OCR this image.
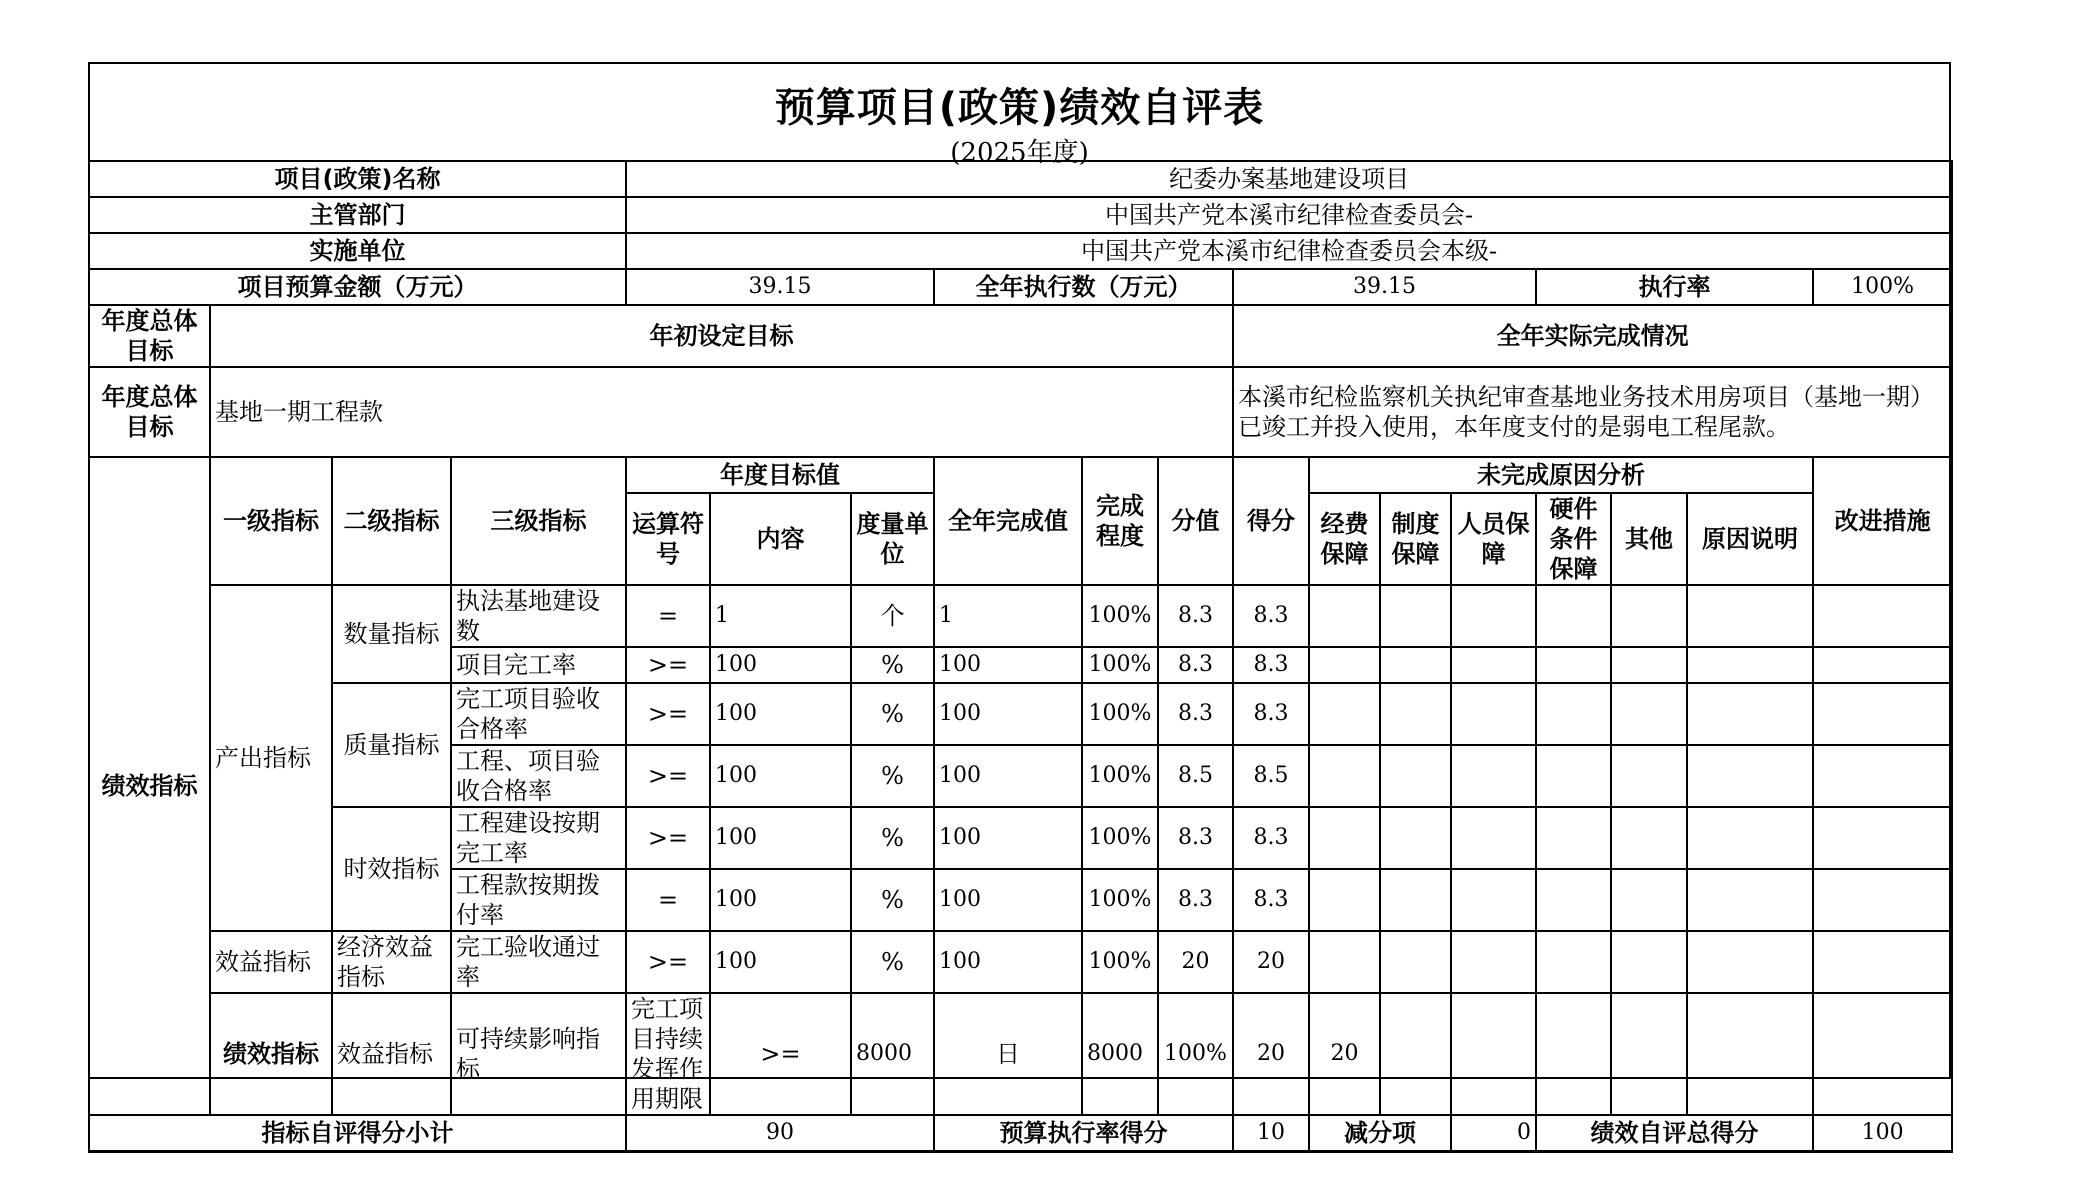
预算项目(政策)绩效自评表
(2025年度)
项目(政策)名称				纪委办案基地建设项目														
主管部门				中国共产党本溪市纪律检查委员会-														
实施单位				中国共产党本溪市纪律检查委员会本级-														
项目预算金额（万元）				39.15			全年执行数（万元）			39.15				执行率			100%	
年度总体目标	年初设定目标									全年实际完成情况								
年度总体目标	基地一期工程款									本溪市纪检监察机关执纪审查基地业务技术用房项目（基地一期）已竣工并投入使用，本年度支付的是弱电工程尾款。								
绩效指标	一级指标	二级指标	三级指标	年度目标值			全年完成值	完成程度	分值	得分	未完成原因分析						改进措施	
				运算符号	内容	度量单位					经费保障	制度保障	人员保障	硬件条件保障	其他	原因说明		
	产出指标	数量指标	执法基地建设数	=	1	个	1	100%	8.3	8.3								
			项目完工率	>=	100	%	100	100%	8.3	8.3								
		质量指标	完工项目验收合格率	>=	100	%	100	100%	8.3	8.3								
			工程、项目验收合格率	>=	100	%	100	100%	8.5	8.5								
		时效指标	工程建设按期完工率	>=	100	%	100	100%	8.3	8.3								
			工程款按期拨付率	=	100	%	100	100%	8.3	8.3								
	效益指标	经济效益指标	完工验收通过率	>=	100	%	100	100%	20	20								
	绩效指标	效益指标	可持续影响指标	完工项目持续发挥作用期限	>=	8000	日	8000	100%	20	20							
指标自评得分小计				90			预算执行率得分			10	减分项		0	绩效自评总得分			100	
